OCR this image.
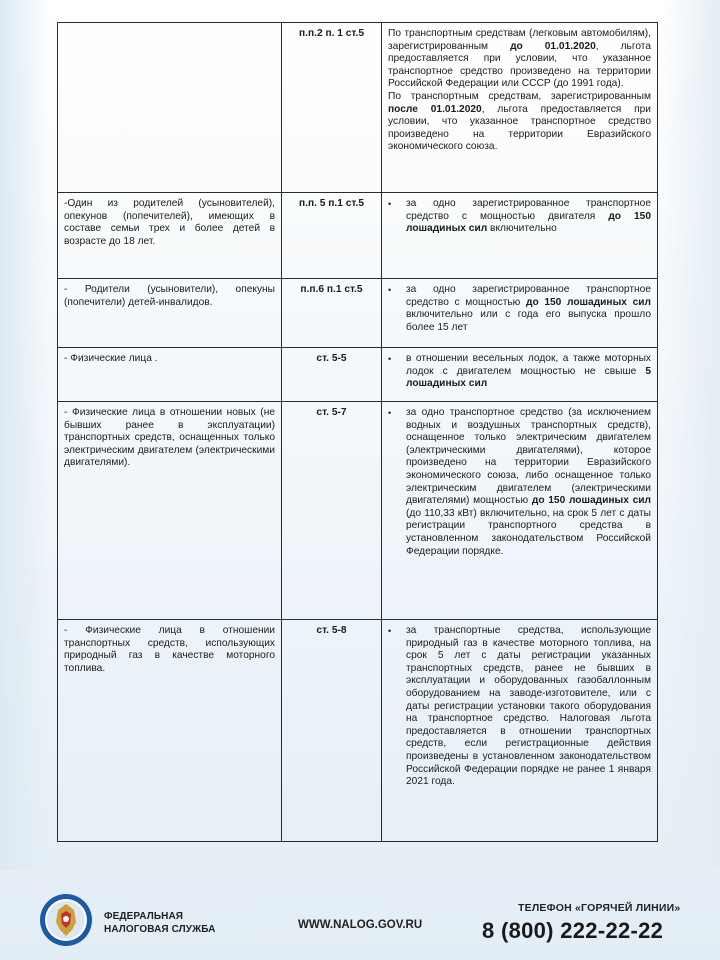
	п.п.2 п. 1 ст.5	По транспортным средствам (легковым автомобилям), зарегистрированным до 01.01.2020, льгота предоставляется при условии, что указанное транспортное средство произведено на территории Российской Федерации или СССР (до 1991 года).
По транспортным средствам, зарегистрированным после 01.01.2020, льгота предоставляется при условии, что указанное транспортное средство произведено на территории Евразийского экономического союза.

-Один из родителей (усыновителей), опекунов (попечителей), имеющих в составе семьи трех и более детей в возрасте до 18 лет.	п.п. 5 п.1 ст.5	• за одно зарегистрированное транспортное средство с мощностью двигателя до 150 лошадиных сил включительно

- Родители (усыновители), опекуны (попечители) детей-инвалидов.	п.п.6 п.1 ст.5	• за одно зарегистрированное транспортное средство с мощностью до 150 лошадиных сил включительно или с года его выпуска прошло более 15 лет

- Физические лица .	ст. 5-5	• в отношении весельных лодок, а также моторных лодок с двигателем мощностью не свыше 5 лошадиных сил

- Физические лица в отношении новых (не бывших ранее в эксплуатации) транспортных средств, оснащенных только электрическим двигателем (электрическими двигателями).	ст. 5-7	• за одно транспортное средство (за исключением водных и воздушных транспортных средств), оснащенное только электрическим двигателем (электрическими двигателями), которое произведено на территории Евразийского экономического союза, либо оснащенное только электрическим двигателем (электрическими двигателями) мощностью до 150 лошадиных сил (до 110,33 кВт) включительно, на срок 5 лет с даты регистрации транспортного средства в установленном законодательством Российской Федерации порядке.

- Физические лица в отношении транспортных средств, использующих природный газ в качестве моторного топлива.	ст. 5-8	• за транспортные средства, использующие природный газ в качестве моторного топлива, на срок 5 лет с даты регистрации указанных транспортных средств, ранее не бывших в эксплуатации и оборудованных газобаллонным оборудованием на заводе-изготовителе, или с даты регистрации установки такого оборудования на транспортное средство. Налоговая льгота предоставляется в отношении транспортных средств, если регистрационные действия произведены в установленном законодательством Российской Федерации порядке не ранее 1 января 2021 года.
ФЕДЕРАЛЬНАЯ
НАЛОГОВАЯ СЛУЖБА	WWW.NALOG.GOV.RU
ТЕЛЕФОН «ГОРЯЧЕЙ ЛИНИИ»
8 (800) 222-22-22
